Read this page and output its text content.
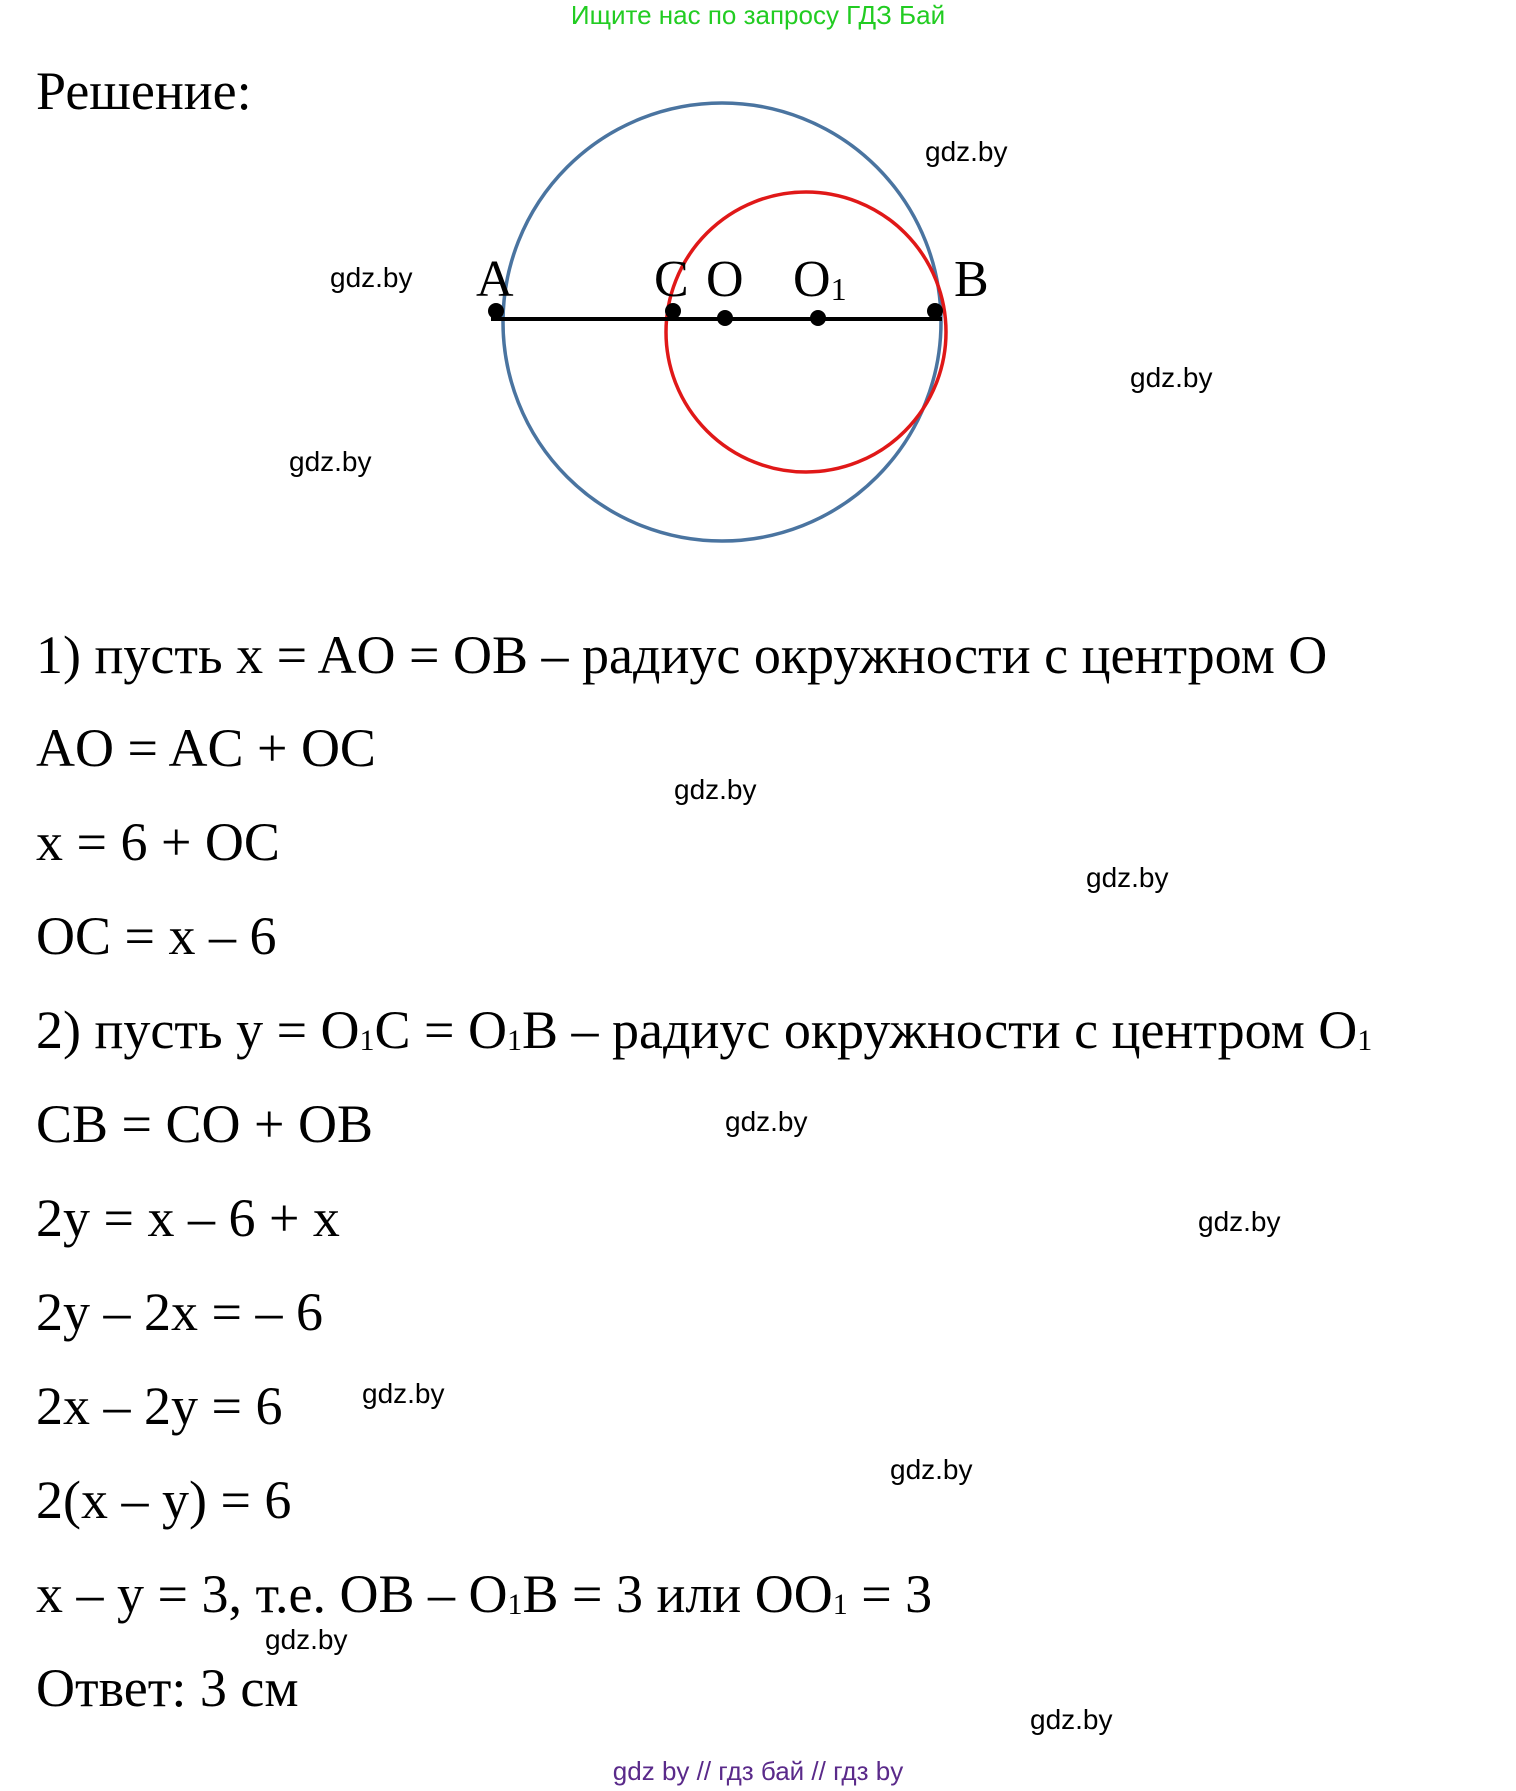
Ищите нас по запросу ГДЗ Бай
Решение:
A	C O O1 B
1) пусть x = AO = OB – радиус окружности с центром O
AO = AC + OC
x = 6 + OC
OC = x – 6
2) пусть $y = O_1C = O_1B$ – радиус окружности с центром $O_1$
CB = CO + OB
2y = x – 6 + x
2y – 2x = – 6
2x – 2y = 6
2(x – y) = 6
x – y = 3, т.е. OB – $O_1B = 3$ или $OO_1 = 3$
Ответ: 3 см
gdz.by
gdz.by
gdz.by
gdz.by
gdz.by
gdz.by
gdz.by
gdz.by
gdz.by
gdz.by
gdz.by
gdz.by
gdz by // гдз бай // гдз by
